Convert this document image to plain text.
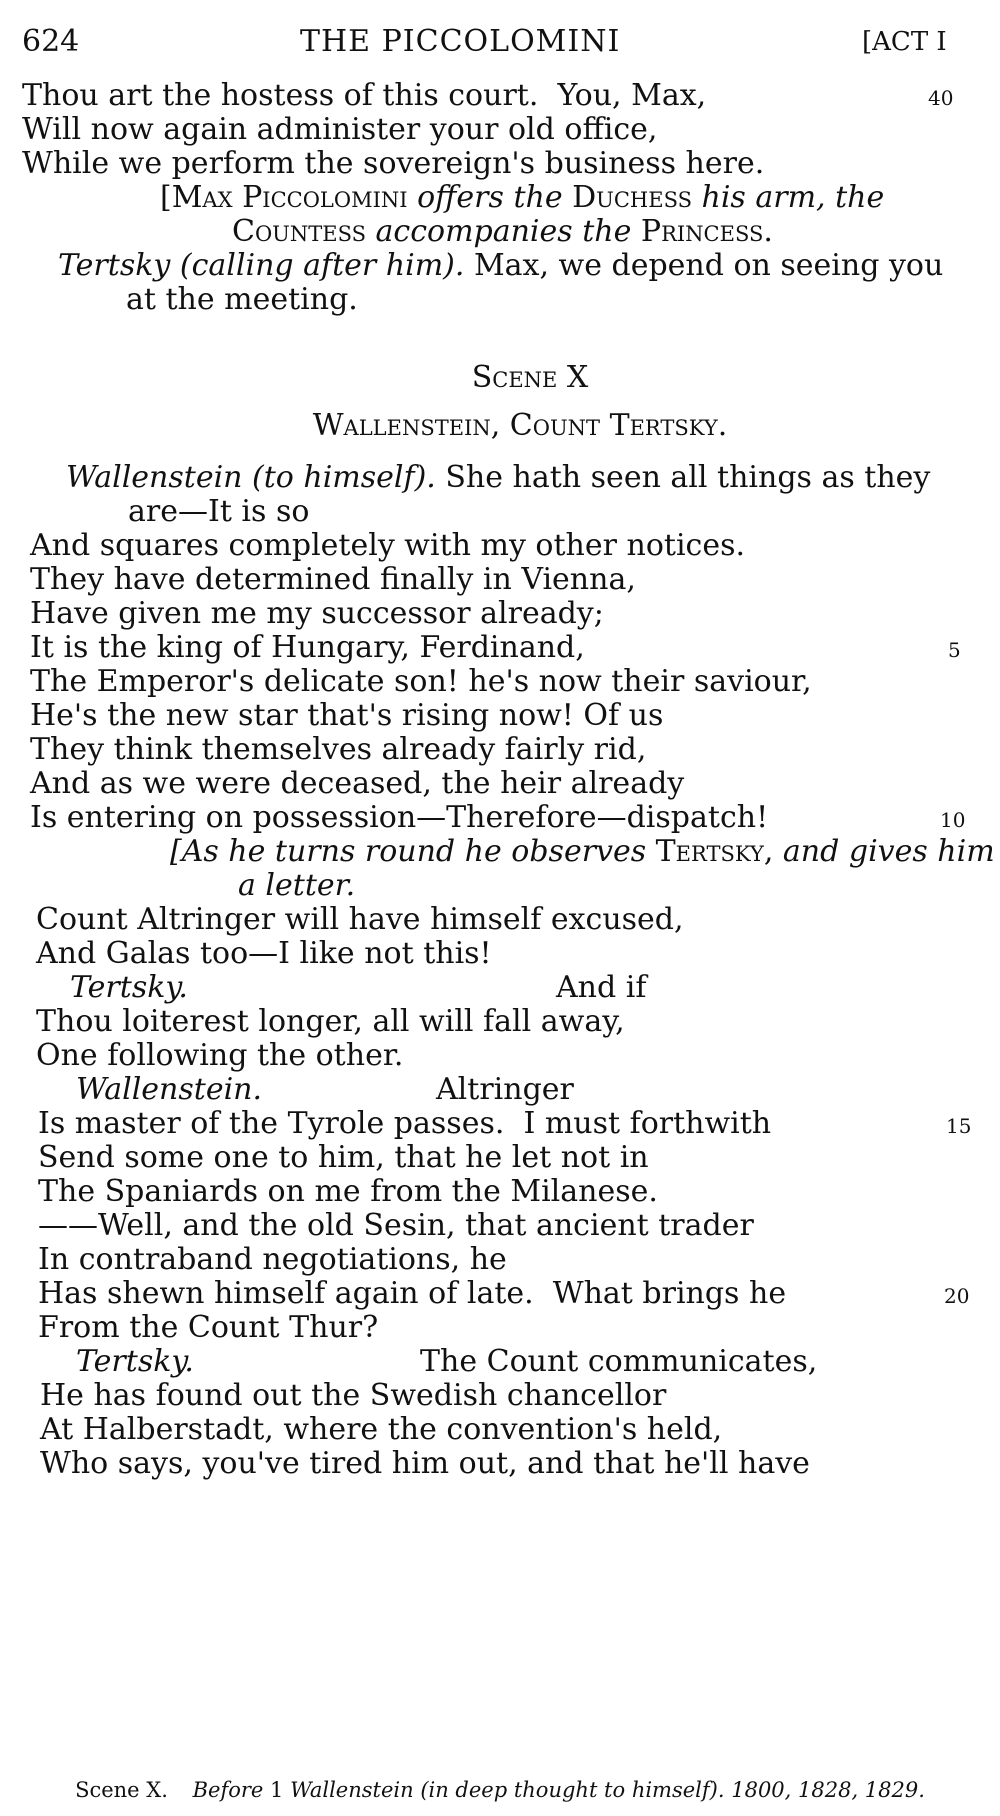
624	THE PICCOLOMINI	[ACT I
Thou art the hostess of this court.  You, Max,	40
Will now again administer your old office,
While we perform the sovereign's business here.
[Max Piccolomini offers the Duchess his arm, the
Countess accompanies the Princess.
Tertsky (calling after him). Max, we depend on seeing you
at the meeting.
Scene X
Wallenstein, Count Tertsky.
Wallenstein (to himself). She hath seen all things as they
are—It is so
And squares completely with my other notices.
They have determined finally in Vienna,
Have given me my successor already;
It is the king of Hungary, Ferdinand,	5
The Emperor's delicate son! he's now their saviour,
He's the new star that's rising now! Of us
They think themselves already fairly rid,
And as we were deceased, the heir already
Is entering on possession—Therefore—dispatch!	10
[As he turns round he observes Tertsky, and gives him
a letter.
Count Altringer will have himself excused,
And Galas too—I like not this!
Tertsky.	And if
Thou loiterest longer, all will fall away,
One following the other.
Wallenstein.	Altringer
Is master of the Tyrole passes.  I must forthwith	15
Send some one to him, that he let not in
The Spaniards on me from the Milanese.
——Well, and the old Sesin, that ancient trader
In contraband negotiations, he
Has shewn himself again of late.  What brings he	20
From the Count Thur?
Tertsky.	The Count communicates,
He has found out the Swedish chancellor
At Halberstadt, where the convention's held,
Who says, you've tired him out, and that he'll have
Scene X. Before 1 Wallenstein (in deep thought to himself). 1800, 1828, 1829.
